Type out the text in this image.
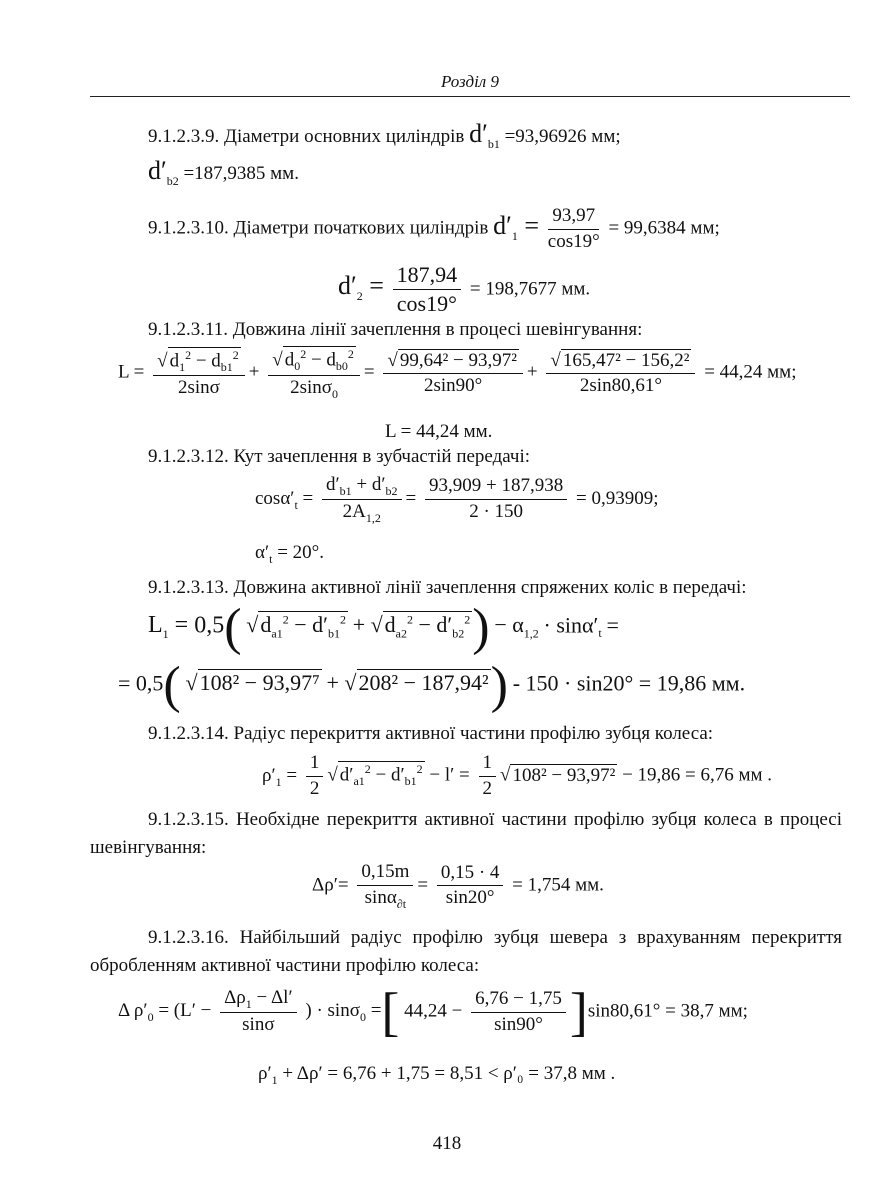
Розділ 9
9.1.2.3.9. Діаметри основних циліндрів $d'_{b1} =93,96926$ мм;
$d'_{b2} =187,9385$ мм.
9.1.2.3.10. Діаметри початкових циліндрів $d'_1 = \frac{93,97}{\cos 19^\circ} = 99,6384$ мм;
$d'_2 = \frac{187,94}{\cos 19^\circ} = 198,7677$ мм.
9.1.2.3.11. Довжина лінії зачеплення в процесі шевінгування:
$L = \frac{√ d_1^2 - d_{b1}^2}{2\sin\sigma} + \frac{√ d_0^2 - d_{b0}^2}{2\sin\sigma_0} = \frac{\text{√ 99,64² − 93,97²}}{2\sin 90^\circ} + \frac{\text{√ 165,47² − 156,2²}}{2\sin 80,61^\circ} = 44,24$ мм;
L = 44,24 мм.
9.1.2.3.12. Кут зачеплення в зубчастій передачі:
$\cos\alpha'_t = \frac{d'_{b1} + d'_{b2}}{2A_{1,2}} = \frac{93,909 + 187,938}{2 \cdot 150} = 0,93909$;
$\alpha'_t = 20^\circ$.
9.1.2.3.13. Довжина активної лінії зачеплення спряжених коліс в передачі:
$L_1 = 0,5$( $√d_{a1}^2 - d'_{b1}^2 + √d_{a2}^2 - d'_{b2}^2) - \alpha_{1,2} \cdot \sin\alpha'_t$ =
= 0,5( √108² − 93,97⁷ + √208² − 187,94²) - 150 · sin20° = 19,86 мм.
9.1.2.3.14. Радіус перекриття активної частини профілю зубця колеса:
$\rho'_1 = \frac{1}{2}$ √ $d'_{a1}^2 - d'_{b1}^2 - l' = \frac{1}{2}$ √ 108² − 93,97² − 19,86 = 6,76 мм .
9.1.2.3.15. Необхідне перекриття активної частини профілю зубця колеса в процесі шевінгування:
$\Delta\rho'= \frac{0,15m}{\sin\alpha_{\partial t}} = \frac{0,15 \cdot 4}{\sin 20^\circ} = 1,754$ мм.
9.1.2.3.16. Найбільший радіус профілю зубця шевера з врахуванням перекриття обробленням активної частини профілю колеса:
Δ $\rho'_0 = (L' - \frac{\Delta\rho_1 - \Delta l'}{\sin\sigma}$ ) · sinσ$_0$ =[ $44,24 - \frac{6,76 - 1,75}{\sin 90^\circ} ]\sin 80,61^\circ = 38,7$ мм;
$\rho'_1 + \Delta\rho' = 6,76 + 1,75 = 8,51 < \rho'_0 = 37,8$ мм .
418
